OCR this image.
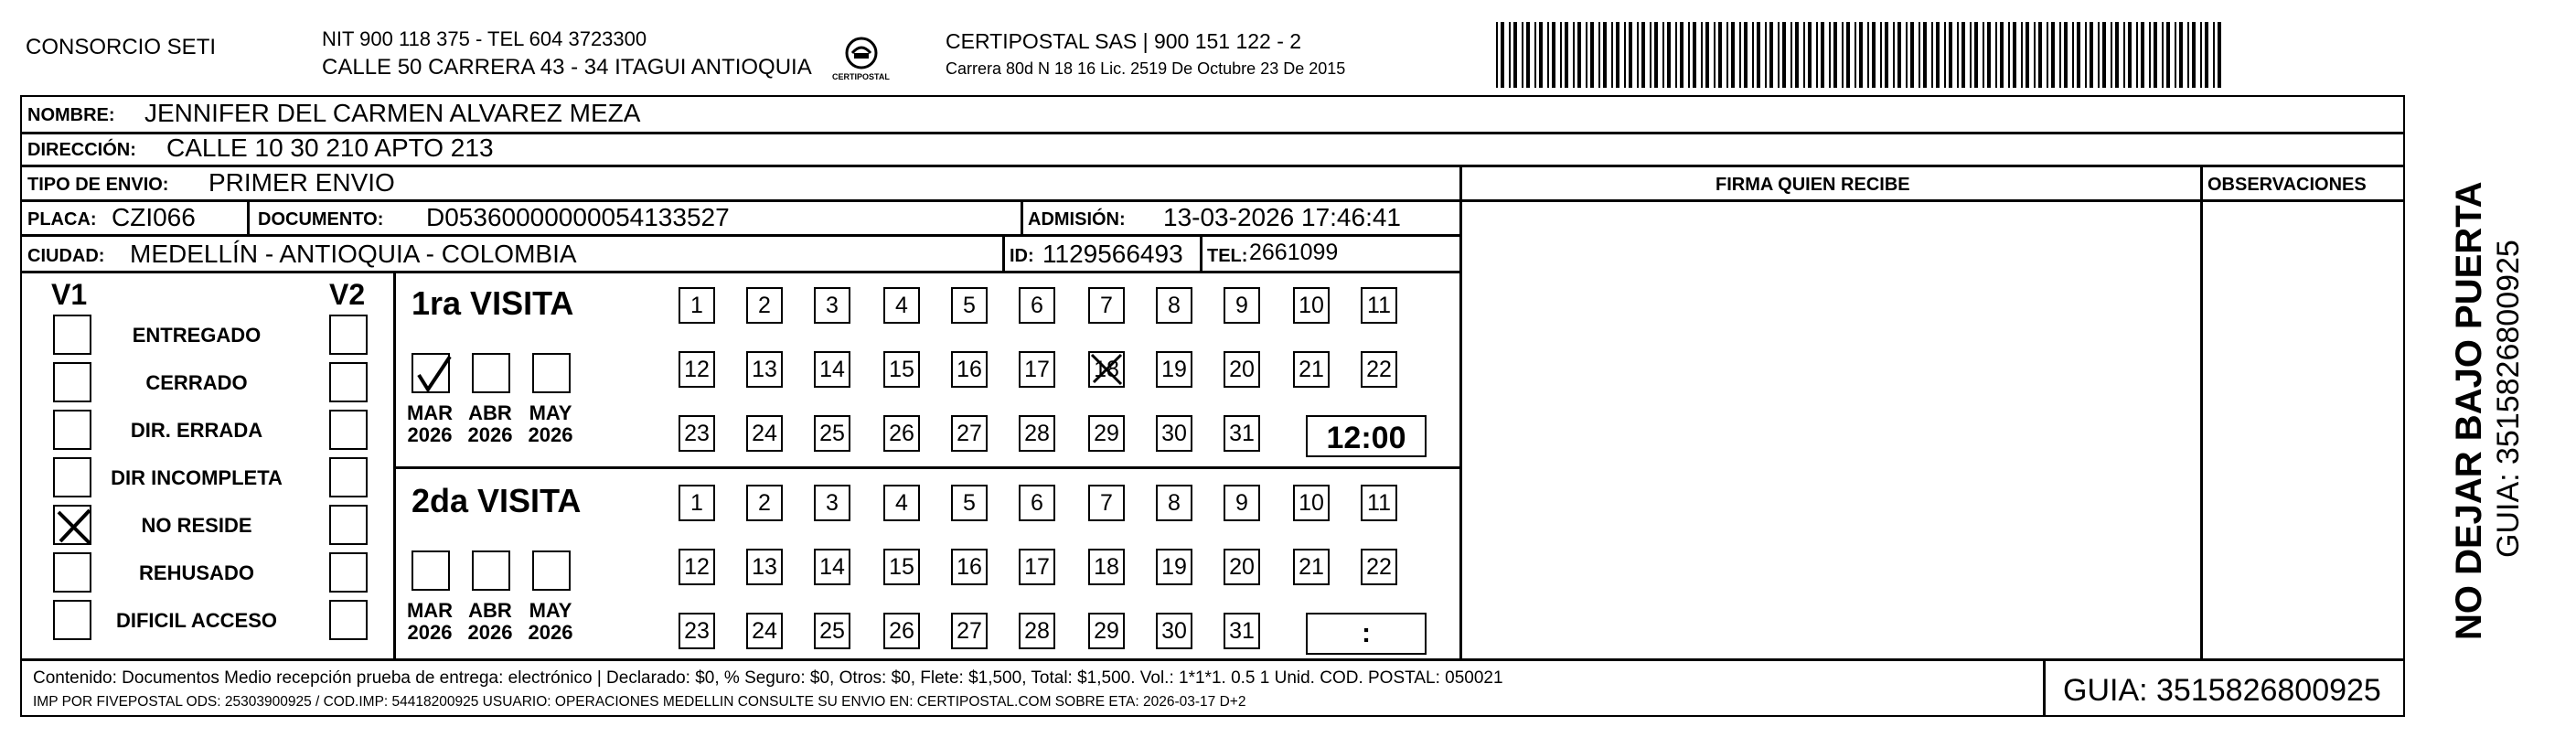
CONSORCIO SETI	NIT 900 118 375 - TEL 604 3723300
CALLE 50 CARRERA 43 - 34 ITAGUI ANTIOQUIA CERTIPOSTAL
CERTIPOSTAL SAS | 900 151 122 - 2
Carrera 80d N 18 16 Lic. 2519 De Octubre 23 De 2015
NOMBRE: JENNIFER DEL CARMEN ALVAREZ MEZA
DIRECCIÓN: CALLE 10 30 210 APTO 213
TIPO DE ENVIO: PRIMER ENVIO	FIRMA QUIEN RECIBE	OBSERVACIONES
PLACA: CZI066	DOCUMENTO: D05360000000054133527	ADMISIÓN: 13-03-2026 17:46:41
CIUDAD: MEDELLÍN - ANTIOQUIA - COLOMBIA	ID: 1129566493 TEL: 2661099
V1	V2
ENTREGADO
CERRADO
DIR. ERRADA
DIR INCOMPLETA
NO RESIDE
REHUSADO
DIFICIL ACCESO
1ra VISITA
MAR
2026
ABR
2026
MAY
2026
1	2	3	4	5	6	7	8	9	10 11
12 13 14 15 16 17 18 19 20 21 22
23 24 25 26 27 28 29 30 31	12:00
2da VISITA
MAR
2026
ABR
2026
MAY
2026
1	2	3	4	5	6	7	8	9	10 11
12 13 14 15 16 17 18 19 20 21 22
23 24 25 26 27 28 29 30 31	:	NO DEJAR BAJO PUERTA GUIA: 3515826800925
Contenido: Documentos Medio recepción prueba de entrega: electrónico | Declarado: $0, % Seguro: $0, Otros: $0, Flete: $1,500, Total: $1,500. Vol.: 1*1*1. 0.5 1 Unid. COD. POSTAL: 050021
IMP POR FIVEPOSTAL ODS: 25303900925 / COD.IMP: 54418200925 USUARIO: OPERACIONES MEDELLIN CONSULTE SU ENVIO EN: CERTIPOSTAL.COM SOBRE ETA: 2026-03-17 D+2	GUIA: 3515826800925
